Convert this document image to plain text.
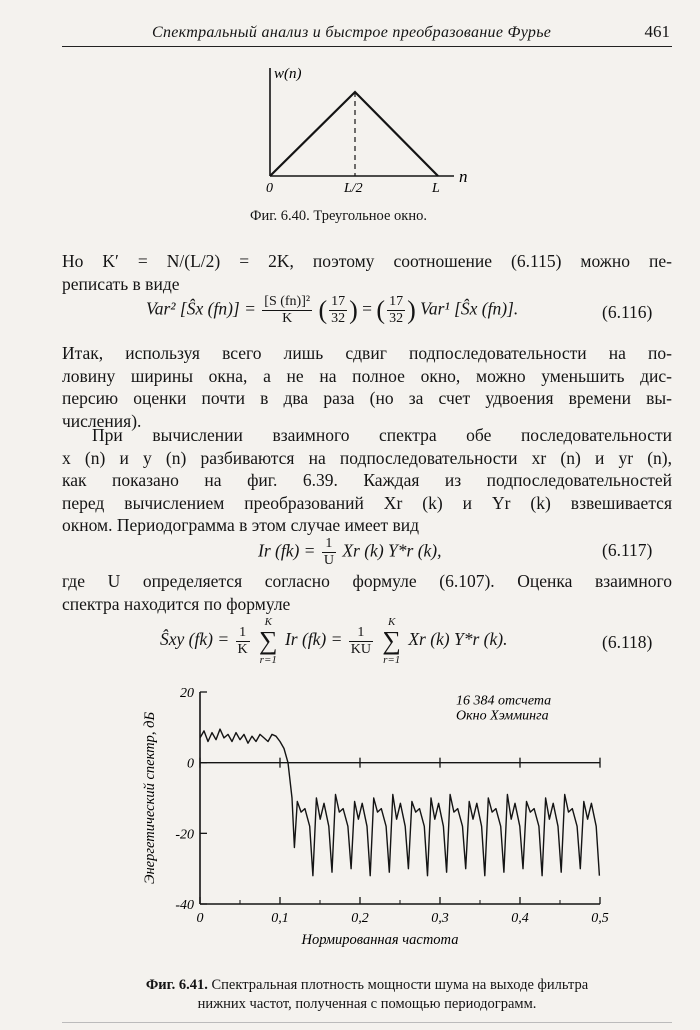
Спектральный анализ и быстрое преобразование Фурье	461
w(n)
n
0	L/2	L
Фиг. 6.40. Треугольное окно.
Но K′ = N/(L/2) = 2K, поэтому соотношение (6.115) можно пе-
реписать в виде
Var² [Ŝx $(fn)] = \frac{\text{[S (fn)]²}}{K}$ ( $\frac{17}{32}$ ) = ( $\frac{17}{32}$ ) Var¹ [Ŝx (fn)].	(6.116)
Итак, используя всего лишь сдвиг подпоследовательности на по-
ловину ширины окна, а не на полное окно, можно уменьшить дис-
персию оценки почти в два раза (но за счет удвоения времени вы-
числения).
При вычислении взаимного спектра обе последовательности
x (n) и y (n) разбиваются на подпоследовательности xr (n) и yr (n),
как показано на фиг. 6.39. Каждая из подпоследовательностей
перед вычислением преобразований Xr (k) и Yr (k) взвешивается
окном. Периодограмма в этом случае имеет вид
Ir $(fk) = \frac{1}{U}$ Xr (k) Y*r (k),	(6.117)
где U определяется согласно формуле (6.107). Оценка взаимного
спектра находится по формуле
Ŝxy $(fk) = \frac{1}{K}$
K
∑
r=1 Ir $(fk) = \frac{1}{KU}$
K
∑
r=1 Xr (k) Y*r (k).	(6.118)
0	0,1	0,2	0,3	0,4	0,5
20
0
-20
-40
Нормированная частота
Энергетический спектр, дБ
16 384 отсчета
Окно Хэмминга
Фиг. 6.41. Спектральная плотность мощности шума на выходе фильтра
нижних частот, полученная с помощью периодограмм.
